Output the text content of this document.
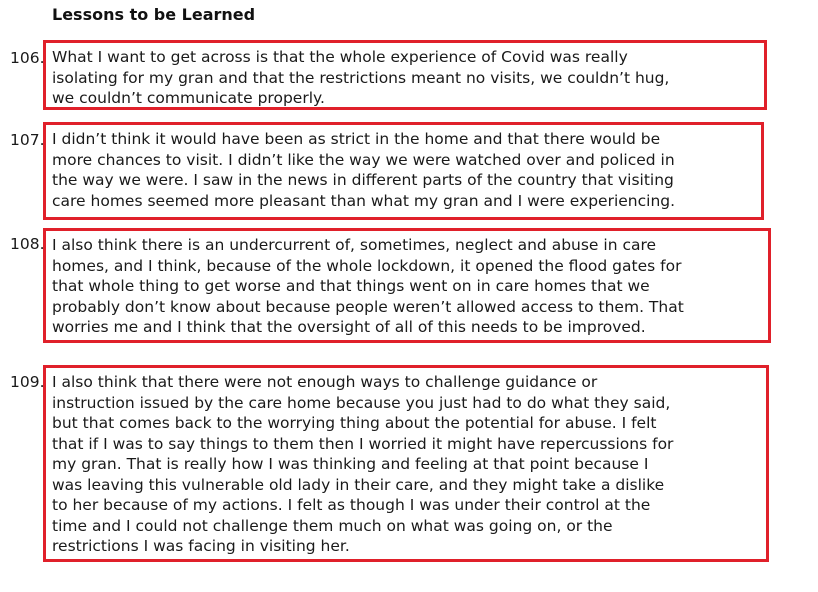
Lessons to be Learned
106. What I want to get across is that the whole experience of Covid was really
isolating for my gran and that the restrictions meant no visits, we couldn’t hug,
we couldn’t communicate properly.
107. I didn’t think it would have been as strict in the home and that there would be
more chances to visit. I didn’t like the way we were watched over and policed in
the way we were. I saw in the news in different parts of the country that visiting
care homes seemed more pleasant than what my gran and I were experiencing.
108. I also think there is an undercurrent of, sometimes, neglect and abuse in care
homes, and I think, because of the whole lockdown, it opened the flood gates for
that whole thing to get worse and that things went on in care homes that we
probably don’t know about because people weren’t allowed access to them. That
worries me and I think that the oversight of all of this needs to be improved.
109. I also think that there were not enough ways to challenge guidance or
instruction issued by the care home because you just had to do what they said,
but that comes back to the worrying thing about the potential for abuse. I felt
that if I was to say things to them then I worried it might have repercussions for
my gran. That is really how I was thinking and feeling at that point because I
was leaving this vulnerable old lady in their care, and they might take a dislike
to her because of my actions. I felt as though I was under their control at the
time and I could not challenge them much on what was going on, or the
restrictions I was facing in visiting her.
